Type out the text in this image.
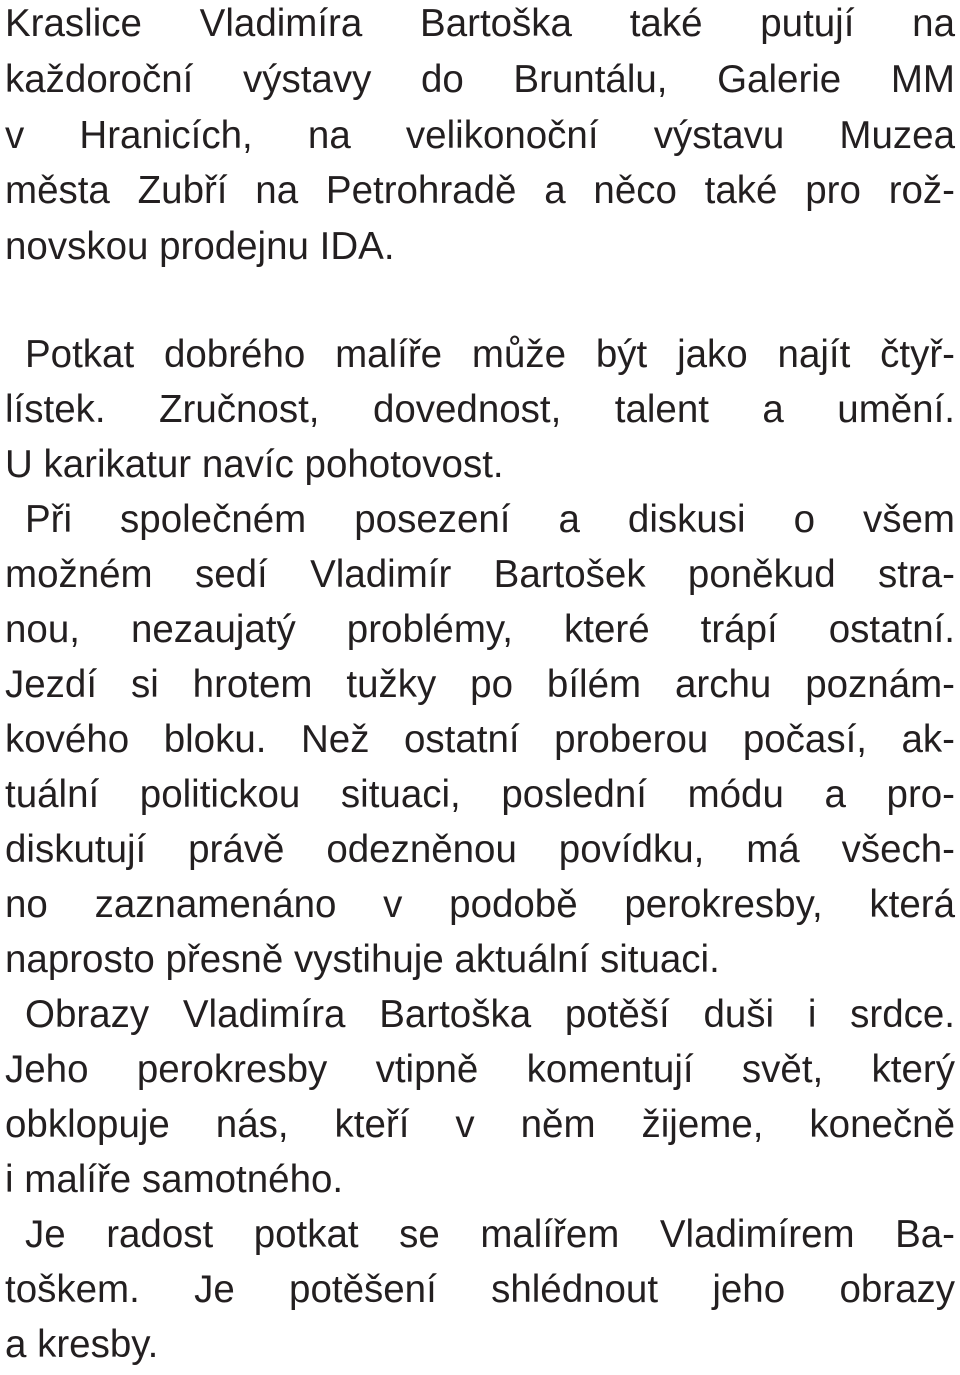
Kraslice Vladimíra Bartoška také putují na
každoroční výstavy do Bruntálu, Galerie MM
v Hranicích, na velikonoční výstavu Muzea
města Zubří na Petrohradě a něco také pro rož-
novskou prodejnu IDA.
Potkat dobrého malíře může být jako najít čtyř-
lístek. Zručnost, dovednost, talent a umění.
U karikatur navíc pohotovost.
Při společném posezení a diskusi o všem
možném sedí Vladimír Bartošek poněkud stra-
nou, nezaujatý problémy, které trápí ostatní.
Jezdí si hrotem tužky po bílém archu poznám-
kového bloku. Než ostatní proberou počasí, ak-
tuální politickou situaci, poslední módu a pro-
diskutují právě odezněnou povídku, má všech-
no zaznamenáno v podobě perokresby, která
naprosto přesně vystihuje aktuální situaci.
Obrazy Vladimíra Bartoška potěší duši i srdce.
Jeho perokresby vtipně komentují svět, který
obklopuje nás, kteří v něm žijeme, konečně
i malíře samotného.
Je radost potkat se malířem Vladimírem Ba-
toškem. Je potěšení shlédnout jeho obrazy
a kresby.
